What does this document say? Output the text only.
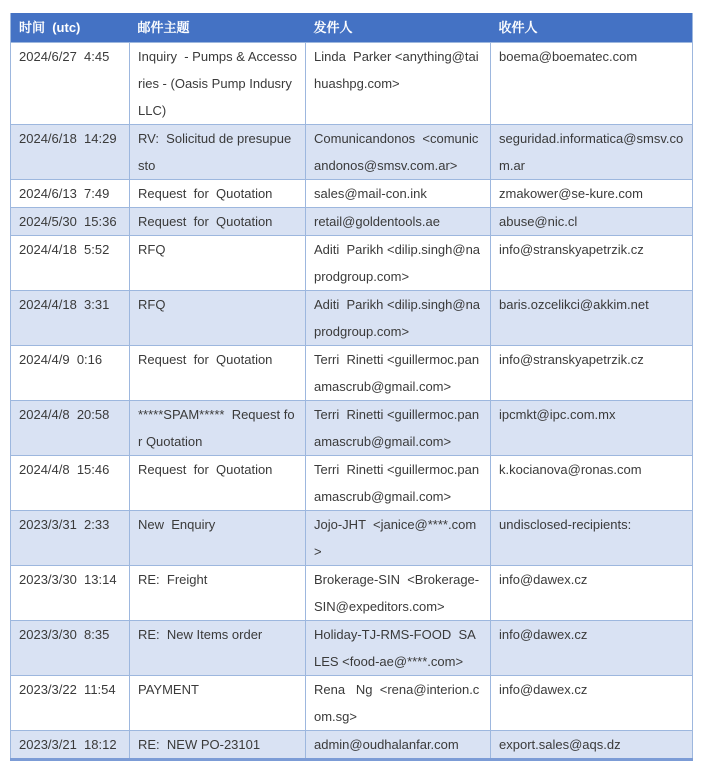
时间  (utc)	邮件主题	发件人	收件人
2024/6/27  4:45	Inquiry  - Pumps & Accessories - (Oasis Pump Indusry LLC)	Linda  Parker <anything@taihuashpg.com>	boema@boematec.com
2024/6/18  14:29	RV:  Solicitud de presupuesto	Comunicandonos  <comunicandonos@smsv.com.ar>	seguridad.informatica@smsv.com.ar
2024/6/13  7:49	Request  for  Quotation	sales@mail-con.ink	zmakower@se-kure.com
2024/5/30  15:36	Request  for  Quotation	retail@goldentools.ae	abuse@nic.cl
2024/4/18  5:52	RFQ	Aditi  Parikh <dilip.singh@naprodgroup.com>	info@stranskyapetrzik.cz
2024/4/18  3:31	RFQ	Aditi  Parikh <dilip.singh@naprodgroup.com>	baris.ozcelikci@akkim.net
2024/4/9  0:16	Request  for  Quotation	Terri  Rinetti <guillermoc.panamascrub@gmail.com>	info@stranskyapetrzik.cz
2024/4/8  20:58	*****SPAM*****  Request for Quotation	Terri  Rinetti <guillermoc.panamascrub@gmail.com>	ipcmkt@ipc.com.mx
2024/4/8  15:46	Request  for  Quotation	Terri  Rinetti <guillermoc.panamascrub@gmail.com>	k.kocianova@ronas.com
2023/3/31  2:33	New  Enquiry	Jojo-JHT  <janice@****.com>	undisclosed-recipients:
2023/3/30  13:14	RE:  Freight	Brokerage-SIN  <Brokerage-SIN@expeditors.com>	info@dawex.cz
2023/3/30  8:35	RE:  New Items order	Holiday-TJ-RMS-FOOD  SALES <food-ae@****.com>	info@dawex.cz
2023/3/22  11:54	PAYMENT	Rena   Ng  <rena@interion.com.sg>	info@dawex.cz
2023/3/21  18:12	RE:  NEW PO-23101	admin@oudhalanfar.com	export.sales@aqs.dz
